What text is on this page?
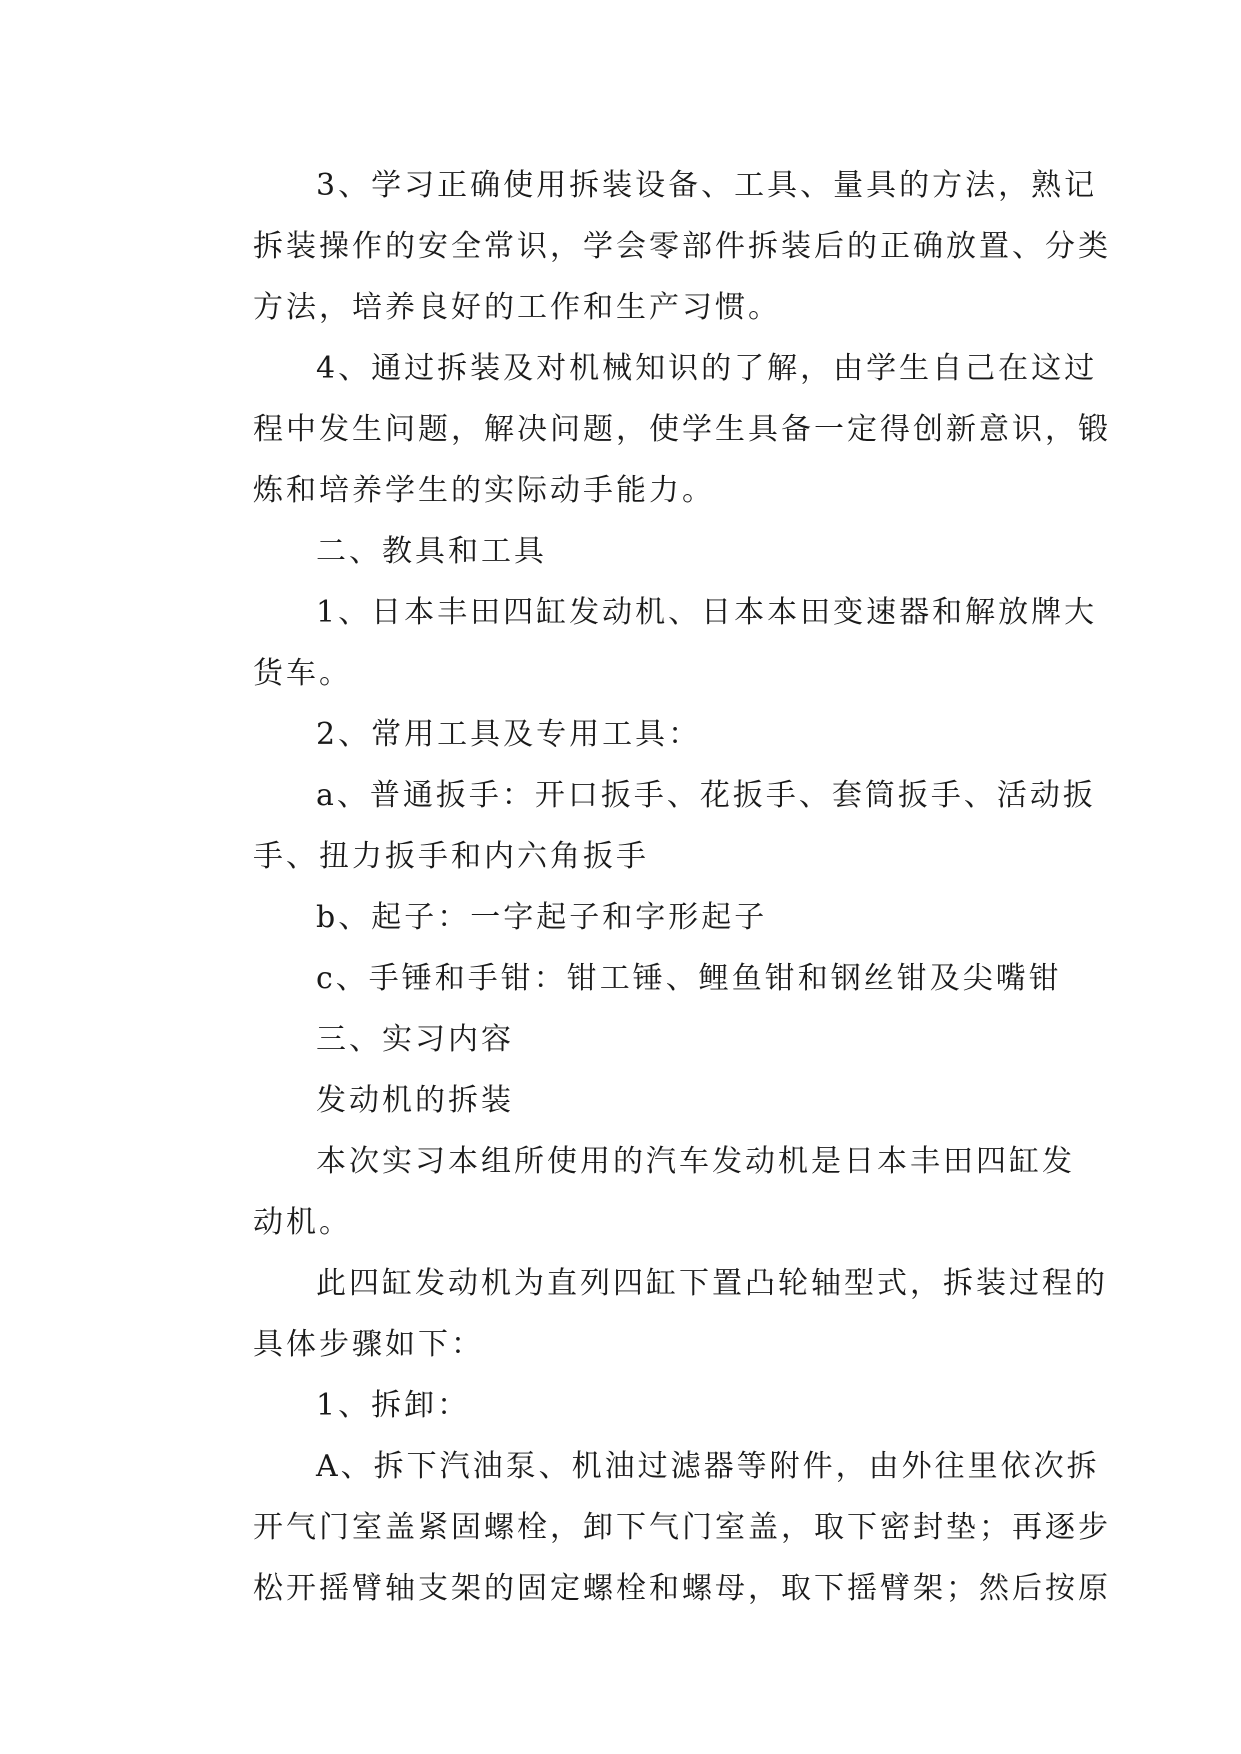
3、学习正确使用拆装设备、工具、量具的方法，熟记
拆装操作的安全常识，学会零部件拆装后的正确放置、分类
方法，培养良好的工作和生产习惯。
4、通过拆装及对机械知识的了解，由学生自己在这过
程中发生问题，解决问题，使学生具备一定得创新意识，锻
炼和培养学生的实际动手能力。
二、教具和工具
1、日本丰田四缸发动机、日本本田变速器和解放牌大
货车。
2、常用工具及专用工具：
a、普通扳手：开口扳手、花扳手、套筒扳手、活动扳
手、扭力扳手和内六角扳手
b、起子：一字起子和字形起子
c、手锤和手钳：钳工锤、鲤鱼钳和钢丝钳及尖嘴钳
三、实习内容
发动机的拆装
本次实习本组所使用的汽车发动机是日本丰田四缸发
动机。
此四缸发动机为直列四缸下置凸轮轴型式，拆装过程的
具体步骤如下：
1、拆卸：
A、拆下汽油泵、机油过滤器等附件，由外往里依次拆
开气门室盖紧固螺栓，卸下气门室盖，取下密封垫；再逐步
松开摇臂轴支架的固定螺栓和螺母，取下摇臂架；然后按原
